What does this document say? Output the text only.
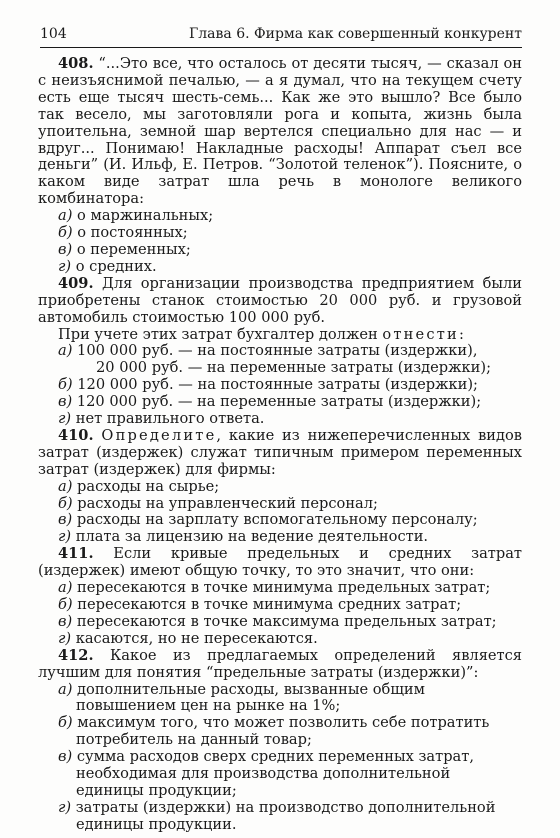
104	Глава 6. Фирма как совершенный конкурент

408. “...Это все, что осталось от десяти тысяч, — сказал он с неизъяснимой печалью, — а я думал, что на текущем счету есть еще тысяч шесть-семь... Как же это вышло? Все было так весело, мы заготовляли рога и копыта, жизнь была упоительна, земной шар вертелся специально для нас — и вдруг... Понимаю! Накладные расходы! Аппарат съел все деньги” (И. Ильф, Е. Петров. “Золотой теленок”). Поясните, о каком виде затрат шла речь в монологе великого комбинатора:

а) о маржинальных;

б) о постоянных;

в) о переменных;

г) о средних.

409. Для организации производства предприятием были приобретены станок стоимостью 20 000 руб. и грузовой автомобиль стоимостью 100 000 руб.

При учете этих затрат бухгалтер должен отнести:

а) 100 000 руб. — на постоянные затраты (издержки),

20 000 руб. — на переменные затраты (издержки);

б) 120 000 руб. — на постоянные затраты (издержки);

в) 120 000 руб. — на переменные затраты (издержки);

г) нет правильного ответа.

410. Определите, какие из нижеперечисленных видов затрат (издержек) служат типичным примером переменных затрат (издержек) для фирмы:

а) расходы на сырье;

б) расходы на управленческий персонал;

в) расходы на зарплату вспомогательному персоналу;

г) плата за лицензию на ведение деятельности.

411. Если кривые предельных и средних затрат (издержек) имеют общую точку, то это значит, что они:

а) пересекаются в точке минимума предельных затрат;

б) пересекаются в точке минимума средних затрат;

в) пересекаются в точке максимума предельных затрат;

г) касаются, но не пересекаются.

412. Какое из предлагаемых определений является лучшим для понятия “предельные затраты (издержки)”:

а) дополнительные расходы, вызванные общим повышением цен на рынке на 1%;

б) максимум того, что может позволить себе потратить потребитель на данный товар;

в) сумма расходов сверх средних переменных затрат, необходимая для производства дополнительной единицы продукции;

г) затраты (издержки) на производство дополнительной единицы продукции.
